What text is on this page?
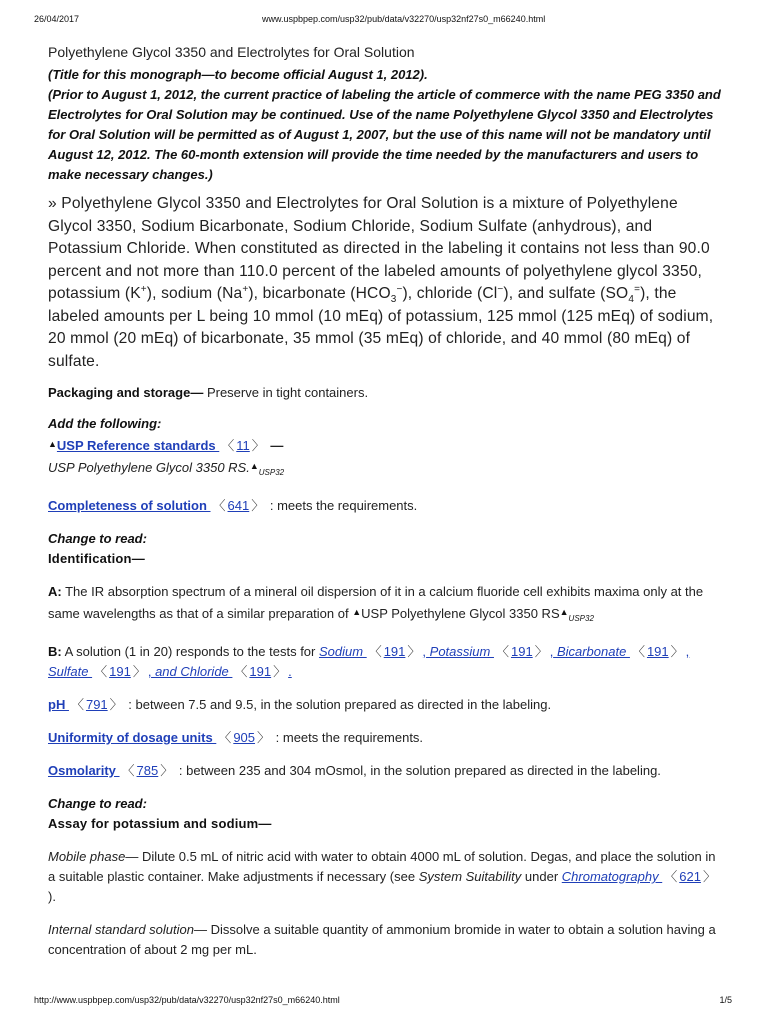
26/04/2017	www.uspbpep.com/usp32/pub/data/v32270/usp32nf27s0_m66240.html

Polyethylene Glycol 3350 and Electrolytes for Oral Solution

(Title for this monograph—to become official August 1, 2012).

(Prior to August 1, 2012, the current practice of labeling the article of commerce with the name PEG 3350 and Electrolytes for Oral Solution may be continued. Use of the name Polyethylene Glycol 3350 and Electrolytes for Oral Solution will be permitted as of August 1, 2007, but the use of this name will not be mandatory until August 12, 2012. The 60-month extension will provide the time needed by the manufacturers and users to make necessary changes.)

» Polyethylene Glycol 3350 and Electrolytes for Oral Solution is a mixture of Polyethylene Glycol 3350, Sodium Bicarbonate, Sodium Chloride, Sodium Sulfate (anhydrous), and Potassium Chloride. When constituted as directed in the labeling it contains not less than 90.0 percent and not more than 110.0 percent of the labeled amounts of polyethylene glycol 3350, potassium (K+), sodium (Na+), bicarbonate $(HCO_3^-)$, chloride (Cl−), and sulfate $(SO_4^=)$, the labeled amounts per L being 10 mmol (10 mEq) of potassium, 125 mmol (125 mEq) of sodium, 20 mmol (20 mEq) of bicarbonate, 35 mmol (35 mEq) of chloride, and 40 mmol (80 mEq) of sulfate.

Packaging and storage— Preserve in tight containers.

Add the following:

▲USP Reference standards 〈 11 〉 —

USP Polyethylene Glycol 3350 $RS.^▲_{USP32}$

Completeness of solution 〈 641 〉 : meets the requirements.

Change to read:

Identification—

A: The IR absorption spectrum of a mineral oil dispersion of it in a calcium fluoride cell exhibits maxima only at the same wavelengths as that of a similar preparation of ▲USP Polyethylene Glycol 3350 $RS^▲_{USP32}$

B: A solution (1 in 20) responds to the tests for Sodium 〈 191 〉 , Potassium 〈 191 〉 , Bicarbonate 〈 191 〉 , Sulfate 〈 191 〉 , and Chloride 〈 191 〉 .

pH 〈 791 〉 : between 7.5 and 9.5, in the solution prepared as directed in the labeling.

Uniformity of dosage units 〈 905 〉 : meets the requirements.

Osmolarity 〈 785 〉 : between 235 and 304 mOsmol, in the solution prepared as directed in the labeling.

Change to read:

Assay for potassium and sodium—

Mobile phase— Dilute 0.5 mL of nitric acid with water to obtain 4000 mL of solution. Degas, and place the solution in a suitable plastic container. Make adjustments if necessary (see System Suitability under Chromatography 〈 621 〉 ).

Internal standard solution— Dissolve a suitable quantity of ammonium bromide in water to obtain a solution having a concentration of about 2 mg per mL.

http://www.uspbpep.com/usp32/pub/data/v32270/usp32nf27s0_m66240.html	1/5
